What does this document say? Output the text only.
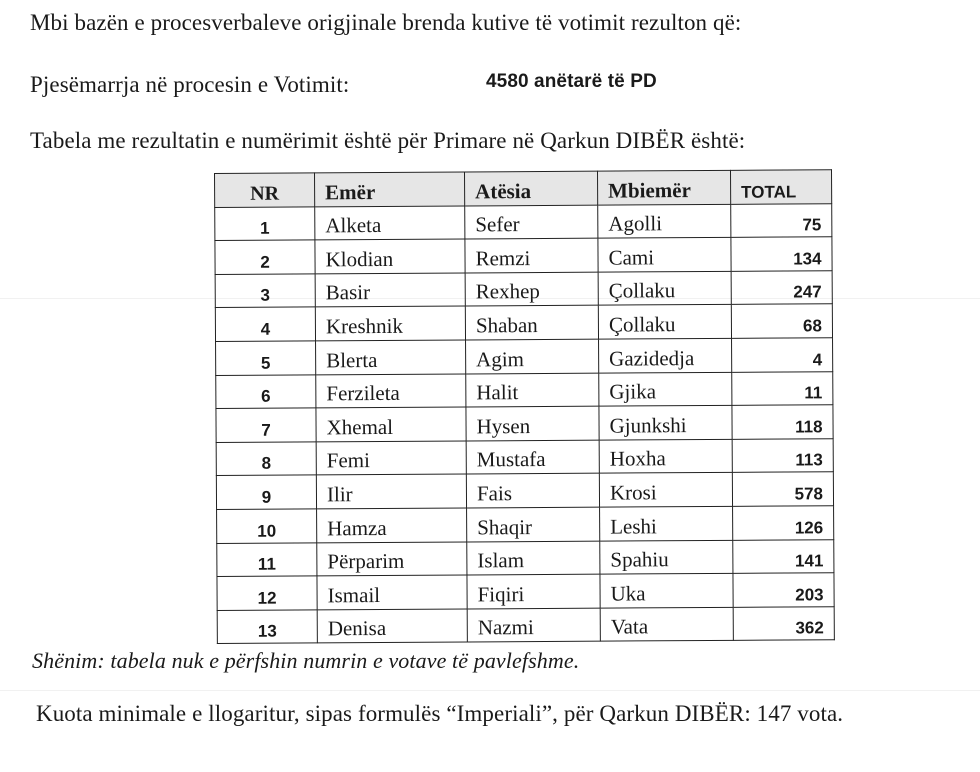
Mbi bazën e procesverbaleve origjinale brenda kutive të votimit rezulton që:
Pjesëmarrja në procesin e Votimit:	4580 anëtarë të PD
Tabela me rezultatin e numërimit është për Primare në Qarkun DIBËR është:
NR	Emër	Atësia	Mbiemër	TOTAL
1	Alketa	Sefer	Agolli	75
2	Klodian	Remzi	Cami	134
3	Basir	Rexhep	Çollaku	247
4	Kreshnik	Shaban	Çollaku	68
5	Blerta	Agim	Gazidedja	4
6	Ferzileta	Halit	Gjika	11
7	Xhemal	Hysen	Gjunkshi	118
8	Femi	Mustafa	Hoxha	113
9	Ilir	Fais	Krosi	578
10	Hamza	Shaqir	Leshi	126
11	Përparim	Islam	Spahiu	141
12	Ismail	Fiqiri	Uka	203
13	Denisa	Nazmi	Vata	362
Shënim: tabela nuk e përfshin numrin e votave të pavlefshme.
Kuota minimale e llogaritur, sipas formulës “Imperiali”, për Qarkun DIBËR: 147 vota.
